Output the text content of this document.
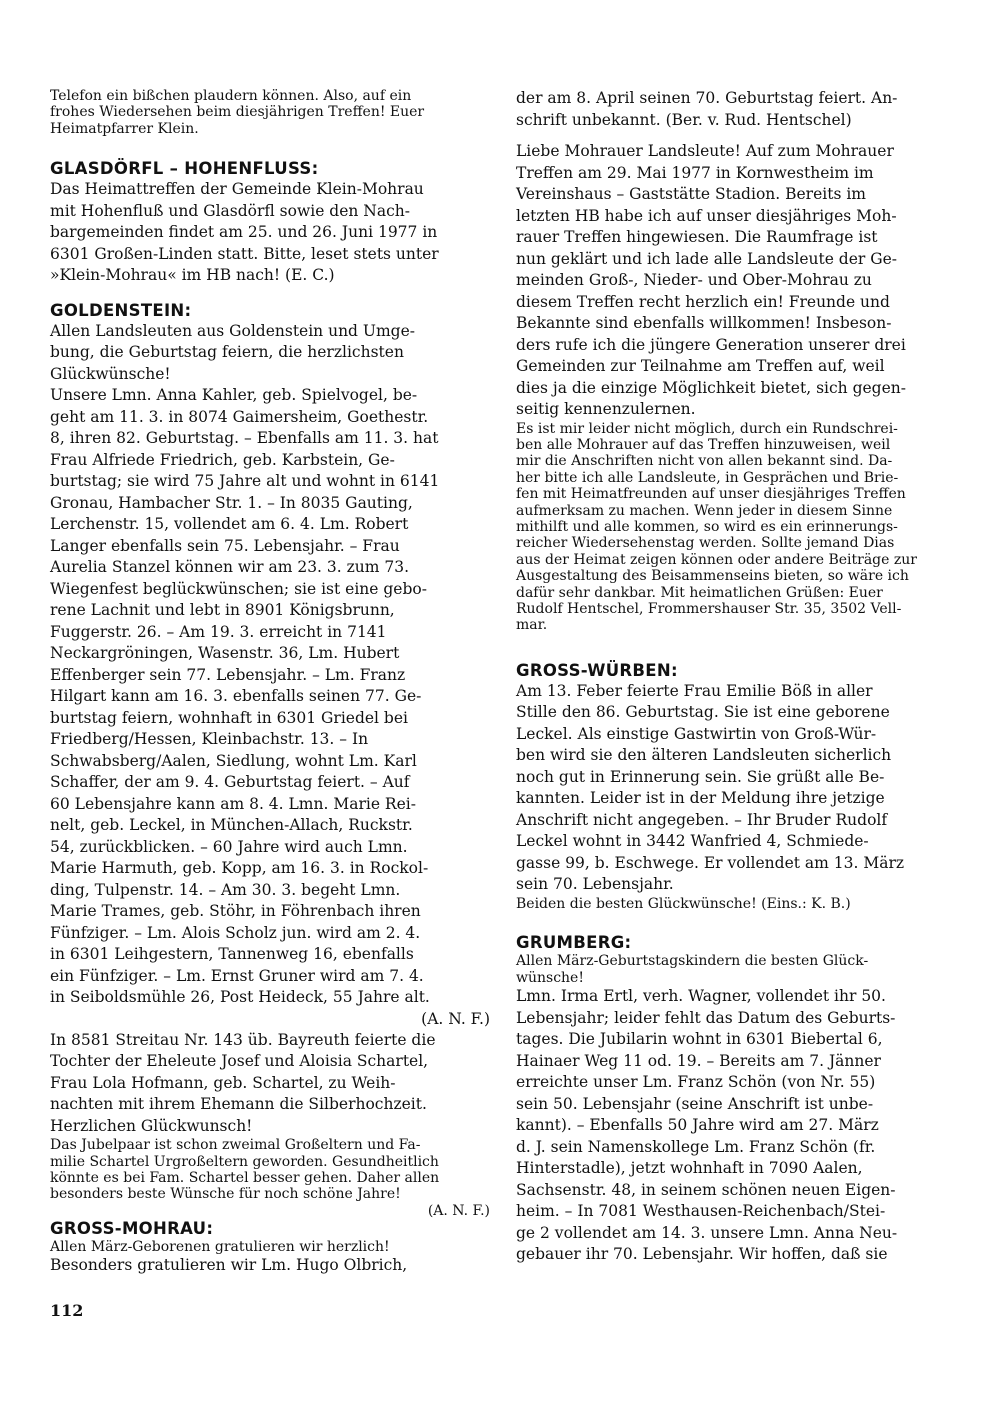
Telefon ein bißchen plaudern können. Also, auf ein
frohes Wiedersehen beim diesjährigen Treffen! Euer
Heimatpfarrer Klein.
GLASDÖRFL – HOHENFLUSS:
Das Heimattreffen der Gemeinde Klein-Mohrau
mit Hohenfluß und Glasdörfl sowie den Nach-
bargemeinden findet am 25. und 26. Juni 1977 in
6301 Großen-Linden statt. Bitte, leset stets unter
»Klein-Mohrau« im HB nach! (E. C.)
GOLDENSTEIN:
Allen Landsleuten aus Goldenstein und Umge-
bung, die Geburtstag feiern, die herzlichsten
Glückwünsche!
Unsere Lmn. Anna Kahler, geb. Spielvogel, be-
geht am 11. 3. in 8074 Gaimersheim, Goethestr.
8, ihren 82. Geburtstag. – Ebenfalls am 11. 3. hat
Frau Alfriede Friedrich, geb. Karbstein, Ge-
burtstag; sie wird 75 Jahre alt und wohnt in 6141
Gronau, Hambacher Str. 1. – In 8035 Gauting,
Lerchenstr. 15, vollendet am 6. 4. Lm. Robert
Langer ebenfalls sein 75. Lebensjahr. – Frau
Aurelia Stanzel können wir am 23. 3. zum 73.
Wiegenfest beglückwünschen; sie ist eine gebo-
rene Lachnit und lebt in 8901 Königsbrunn,
Fuggerstr. 26. – Am 19. 3. erreicht in 7141
Neckargröningen, Wasenstr. 36, Lm. Hubert
Effenberger sein 77. Lebensjahr. – Lm. Franz
Hilgart kann am 16. 3. ebenfalls seinen 77. Ge-
burtstag feiern, wohnhaft in 6301 Griedel bei
Friedberg/Hessen, Kleinbachstr. 13. – In
Schwabsberg/Aalen, Siedlung, wohnt Lm. Karl
Schaffer, der am 9. 4. Geburtstag feiert. – Auf
60 Lebensjahre kann am 8. 4. Lmn. Marie Rei-
nelt, geb. Leckel, in München-Allach, Ruckstr.
54, zurückblicken. – 60 Jahre wird auch Lmn.
Marie Harmuth, geb. Kopp, am 16. 3. in Rockol-
ding, Tulpenstr. 14. – Am 30. 3. begeht Lmn.
Marie Trames, geb. Stöhr, in Föhrenbach ihren
Fünfziger. – Lm. Alois Scholz jun. wird am 2. 4.
in 6301 Leihgestern, Tannenweg 16, ebenfalls
ein Fünfziger. – Lm. Ernst Gruner wird am 7. 4.
in Seiboldsmühle 26, Post Heideck, 55 Jahre alt.
(A. N. F.)
In 8581 Streitau Nr. 143 üb. Bayreuth feierte die
Tochter der Eheleute Josef und Aloisia Schartel,
Frau Lola Hofmann, geb. Schartel, zu Weih-
nachten mit ihrem Ehemann die Silberhochzeit.
Herzlichen Glückwunsch!
Das Jubelpaar ist schon zweimal Großeltern und Fa-
milie Schartel Urgroßeltern geworden. Gesundheitlich
könnte es bei Fam. Schartel besser gehen. Daher allen
besonders beste Wünsche für noch schöne Jahre!
(A. N. F.)
GROSS-MOHRAU:
Allen März-Geborenen gratulieren wir herzlich!
Besonders gratulieren wir Lm. Hugo Olbrich,
der am 8. April seinen 70. Geburtstag feiert. An-
schrift unbekannt. (Ber. v. Rud. Hentschel)
Liebe Mohrauer Landsleute! Auf zum Mohrauer
Treffen am 29. Mai 1977 in Kornwestheim im
Vereinshaus – Gaststätte Stadion. Bereits im
letzten HB habe ich auf unser diesjähriges Moh-
rauer Treffen hingewiesen. Die Raumfrage ist
nun geklärt und ich lade alle Landsleute der Ge-
meinden Groß-, Nieder- und Ober-Mohrau zu
diesem Treffen recht herzlich ein! Freunde und
Bekannte sind ebenfalls willkommen! Insbeson-
ders rufe ich die jüngere Generation unserer drei
Gemeinden zur Teilnahme am Treffen auf, weil
dies ja die einzige Möglichkeit bietet, sich gegen-
seitig kennenzulernen.
Es ist mir leider nicht möglich, durch ein Rundschrei-
ben alle Mohrauer auf das Treffen hinzuweisen, weil
mir die Anschriften nicht von allen bekannt sind. Da-
her bitte ich alle Landsleute, in Gesprächen und Brie-
fen mit Heimatfreunden auf unser diesjähriges Treffen
aufmerksam zu machen. Wenn jeder in diesem Sinne
mithilft und alle kommen, so wird es ein erinnerungs-
reicher Wiedersehenstag werden. Sollte jemand Dias
aus der Heimat zeigen können oder andere Beiträge zur
Ausgestaltung des Beisammenseins bieten, so wäre ich
dafür sehr dankbar. Mit heimatlichen Grüßen: Euer
Rudolf Hentschel, Frommershauser Str. 35, 3502 Vell-
mar.
GROSS-WÜRBEN:
Am 13. Feber feierte Frau Emilie Böß in aller
Stille den 86. Geburtstag. Sie ist eine geborene
Leckel. Als einstige Gastwirtin von Groß-Wür-
ben wird sie den älteren Landsleuten sicherlich
noch gut in Erinnerung sein. Sie grüßt alle Be-
kannten. Leider ist in der Meldung ihre jetzige
Anschrift nicht angegeben. – Ihr Bruder Rudolf
Leckel wohnt in 3442 Wanfried 4, Schmiede-
gasse 99, b. Eschwege. Er vollendet am 13. März
sein 70. Lebensjahr.
Beiden die besten Glückwünsche! (Eins.: K. B.)
GRUMBERG:
Allen März-Geburtstagskindern die besten Glück-
wünsche!
Lmn. Irma Ertl, verh. Wagner, vollendet ihr 50.
Lebensjahr; leider fehlt das Datum des Geburts-
tages. Die Jubilarin wohnt in 6301 Biebertal 6,
Hainaer Weg 11 od. 19. – Bereits am 7. Jänner
erreichte unser Lm. Franz Schön (von Nr. 55)
sein 50. Lebensjahr (seine Anschrift ist unbe-
kannt). – Ebenfalls 50 Jahre wird am 27. März
d. J. sein Namenskollege Lm. Franz Schön (fr.
Hinterstadle), jetzt wohnhaft in 7090 Aalen,
Sachsenstr. 48, in seinem schönen neuen Eigen-
heim. – In 7081 Westhausen-Reichenbach/Stei-
ge 2 vollendet am 14. 3. unsere Lmn. Anna Neu-
gebauer ihr 70. Lebensjahr. Wir hoffen, daß sie
112
